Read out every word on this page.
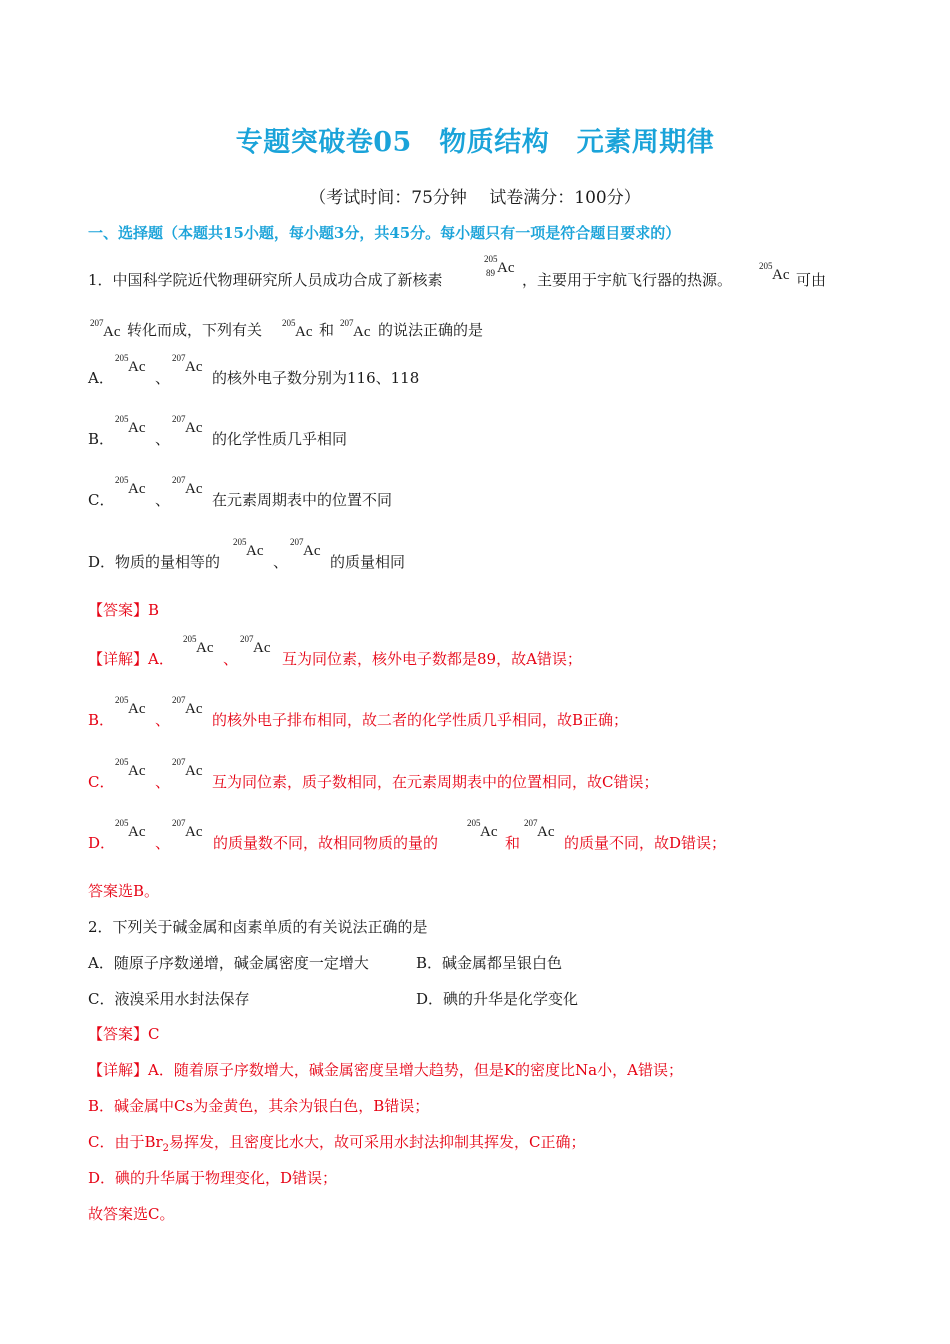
专题突破卷05　物质结构　元素周期律
（考试时间：75分钟　 试卷满分：100分）
一、选择题（本题共15小题，每小题3分，共45分。每小题只有一项是符合题目要求的）
1．中国科学院近代物理研究所人员成功合成了新核素
205
89 Ac
，主要用于宇航飞行器的热源。
205
Ac 可由
207
Ac 转化而成，下列有关 205
Ac 和 207
Ac 的说法正确的是
A．
205
Ac
、
207
Ac
的核外电子数分别为116、118
B．
205
Ac
、
207
Ac
的化学性质几乎相同
C．
205
Ac
、
207
Ac
在元素周期表中的位置不同
D．物质的量相等的
205
Ac
、
207
Ac
的质量相同
【答案】B
【详解】A．
205
Ac
、
207
Ac
互为同位素，核外电子数都是89，故A错误；
B．
205
Ac
、
207
Ac
的核外电子排布相同，故二者的化学性质几乎相同，故B正确；
C．
205
Ac
、
207
Ac
互为同位素，质子数相同，在元素周期表中的位置相同，故C错误；
D．
205
Ac
、
207
Ac
的质量数不同，故相同物质的量的
205
Ac
和
207
Ac
的质量不同，故D错误；
答案选B。
2．下列关于碱金属和卤素单质的有关说法正确的是
A．随原子序数递增，碱金属密度一定增大	B．碱金属都呈银白色
C．液溴采用水封法保存	D．碘的升华是化学变化
【答案】C
【详解】A．随着原子序数增大，碱金属密度呈增大趋势，但是K的密度比Na小，A错误；
B．碱金属中Cs为金黄色，其余为银白色，B错误；
C．由于$Br_2$易挥发，且密度比水大，故可采用水封法抑制其挥发，C正确；
D．碘的升华属于物理变化，D错误；
故答案选C。
